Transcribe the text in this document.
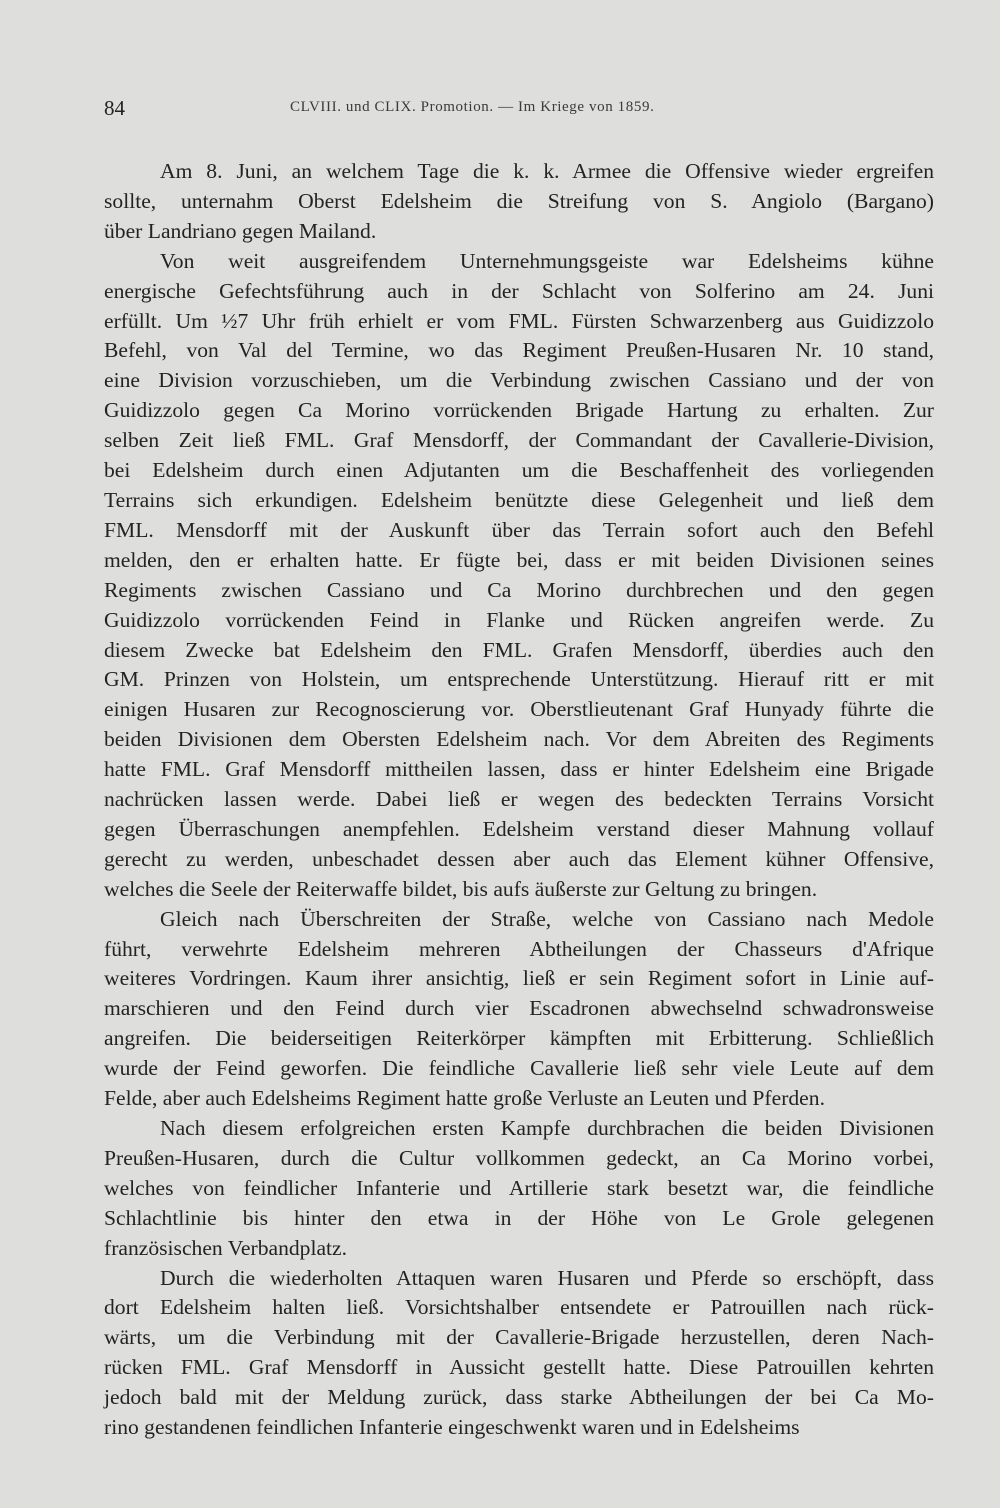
84	CLVIII. und CLIX. Promotion. — Im Kriege von 1859.
Am 8. Juni, an welchem Tage die k. k. Armee die Offensive wieder ergreifen
sollte, unternahm Oberst Edelsheim die Streifung von S. Angiolo (Bargano)
über Landriano gegen Mailand.
Von weit ausgreifendem Unternehmungsgeiste war Edelsheims kühne
energische Gefechtsführung auch in der Schlacht von Solferino am 24. Juni
erfüllt. Um ½7 Uhr früh erhielt er vom FML. Fürsten Schwarzenberg aus Guidizzolo
Befehl, von Val del Termine, wo das Regiment Preußen-Husaren Nr. 10 stand,
eine Division vorzuschieben, um die Verbindung zwischen Cassiano und der von
Guidizzolo gegen Ca Morino vorrückenden Brigade Hartung zu erhalten. Zur
selben Zeit ließ FML. Graf Mensdorff, der Commandant der Cavallerie-Division,
bei Edelsheim durch einen Adjutanten um die Beschaffenheit des vorliegenden
Terrains sich erkundigen. Edelsheim benützte diese Gelegenheit und ließ dem
FML. Mensdorff mit der Auskunft über das Terrain sofort auch den Befehl
melden, den er erhalten hatte. Er fügte bei, dass er mit beiden Divisionen seines
Regiments zwischen Cassiano und Ca Morino durchbrechen und den gegen
Guidizzolo vorrückenden Feind in Flanke und Rücken angreifen werde. Zu
diesem Zwecke bat Edelsheim den FML. Grafen Mensdorff, überdies auch den
GM. Prinzen von Holstein, um entsprechende Unterstützung. Hierauf ritt er mit
einigen Husaren zur Recognoscierung vor. Oberstlieutenant Graf Hunyady führte die
beiden Divisionen dem Obersten Edelsheim nach. Vor dem Abreiten des Regiments
hatte FML. Graf Mensdorff mittheilen lassen, dass er hinter Edelsheim eine Brigade
nachrücken lassen werde. Dabei ließ er wegen des bedeckten Terrains Vorsicht
gegen Überraschungen anempfehlen. Edelsheim verstand dieser Mahnung vollauf
gerecht zu werden, unbeschadet dessen aber auch das Element kühner Offensive,
welches die Seele der Reiterwaffe bildet, bis aufs äußerste zur Geltung zu bringen.
Gleich nach Überschreiten der Straße, welche von Cassiano nach Medole
führt, verwehrte Edelsheim mehreren Abtheilungen der Chasseurs d'Afrique
weiteres Vordringen. Kaum ihrer ansichtig, ließ er sein Regiment sofort in Linie auf-
marschieren und den Feind durch vier Escadronen abwechselnd schwadronsweise
angreifen. Die beiderseitigen Reiterkörper kämpften mit Erbitterung. Schließlich
wurde der Feind geworfen. Die feindliche Cavallerie ließ sehr viele Leute auf dem
Felde, aber auch Edelsheims Regiment hatte große Verluste an Leuten und Pferden.
Nach diesem erfolgreichen ersten Kampfe durchbrachen die beiden Divisionen
Preußen-Husaren, durch die Cultur vollkommen gedeckt, an Ca Morino vorbei,
welches von feindlicher Infanterie und Artillerie stark besetzt war, die feindliche
Schlachtlinie bis hinter den etwa in der Höhe von Le Grole gelegenen
französischen Verbandplatz.
Durch die wiederholten Attaquen waren Husaren und Pferde so erschöpft, dass
dort Edelsheim halten ließ. Vorsichtshalber entsendete er Patrouillen nach rück-
wärts, um die Verbindung mit der Cavallerie-Brigade herzustellen, deren Nach-
rücken FML. Graf Mensdorff in Aussicht gestellt hatte. Diese Patrouillen kehrten
jedoch bald mit der Meldung zurück, dass starke Abtheilungen der bei Ca Mo-
rino gestandenen feindlichen Infanterie eingeschwenkt waren und in Edelsheims
